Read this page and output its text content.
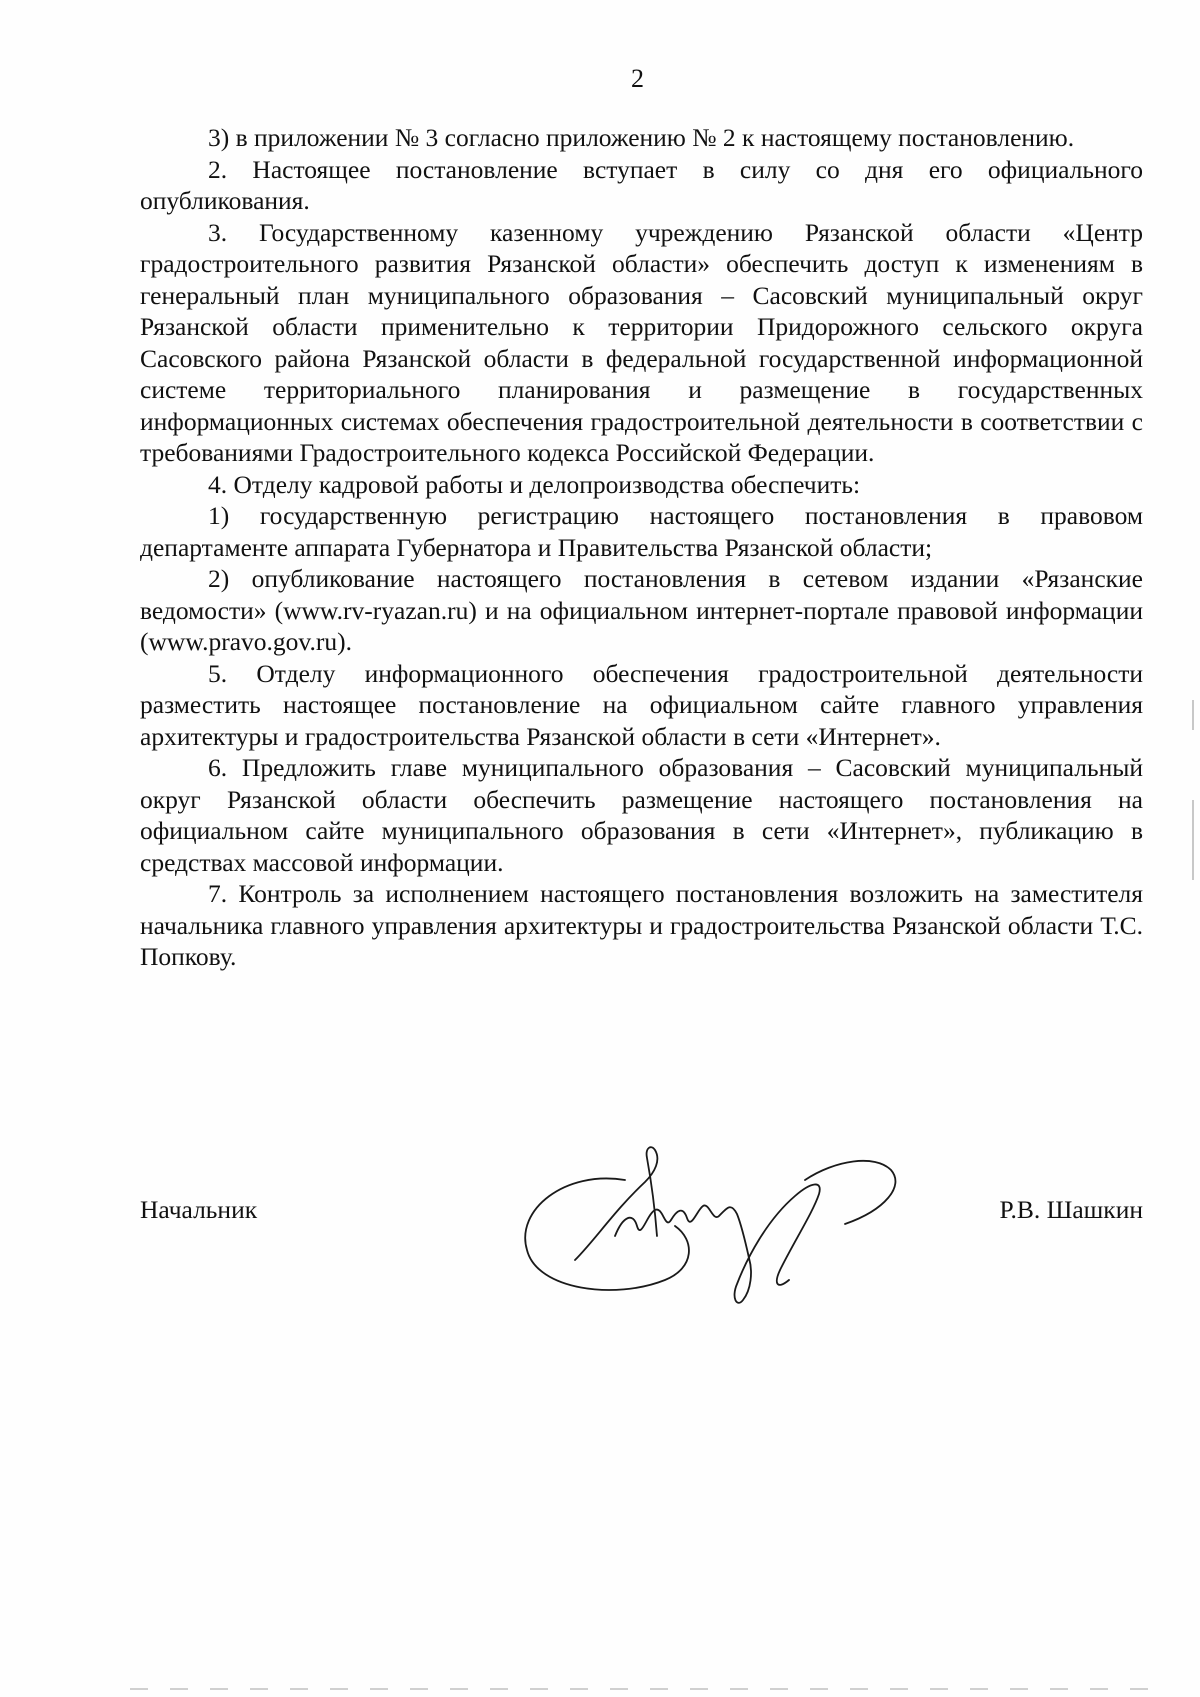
2

3) в приложении № 3 согласно приложению № 2 к настоящему постановлению.

2. Настоящее постановление вступает в силу со дня его официального опубликования.

3. Государственному казенному учреждению Рязанской области «Центр градостроительного развития Рязанской области» обеспечить доступ к изменениям в генеральный план муниципального образования – Сасовский муниципальный округ Рязанской области применительно к территории Придорожного сельского округа Сасовского района Рязанской области в федеральной государственной информационной системе территориального планирования и размещение в государственных информационных системах обеспечения градостроительной деятельности в соответствии с требованиями Градостроительного кодекса Российской Федерации.

4. Отделу кадровой работы и делопроизводства обеспечить:

1) государственную регистрацию настоящего постановления в правовом департаменте аппарата Губернатора и Правительства Рязанской области;

2) опубликование настоящего постановления в сетевом издании «Рязанские ведомости» (www.rv-ryazan.ru) и на официальном интернет-портале правовой информации (www.pravo.gov.ru).

5. Отделу информационного обеспечения градостроительной деятельности разместить настоящее постановление на официальном сайте главного управления архитектуры и градостроительства Рязанской области в сети «Интернет».

6. Предложить главе муниципального образования – Сасовский муниципальный округ Рязанской области обеспечить размещение настоящего постановления на официальном сайте муниципального образования в сети «Интернет», публикацию в средствах массовой информации.

7. Контроль за исполнением настоящего постановления возложить на заместителя начальника главного управления архитектуры и градостроительства Рязанской области Т.С. Попкову.

Начальник	Р.В. Шашкин
